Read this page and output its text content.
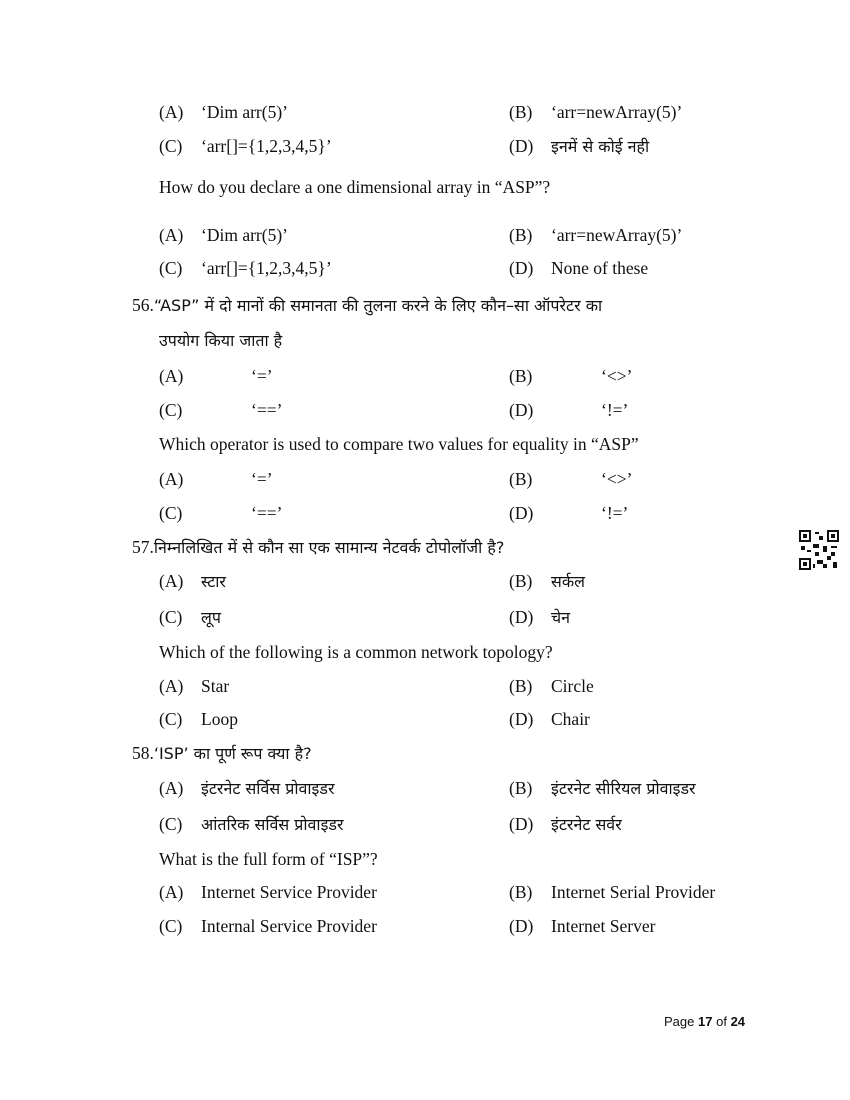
(A) ‘Dim arr(5)’	(B) ‘arr=newArray(5)’
(C) ‘arr[]={1,2,3,4,5}’	(D) इनमें से कोई नही
How do you declare a one dimensional array in “ASP”?
(A) ‘Dim arr(5)’	(B) ‘arr=newArray(5)’
(C) ‘arr[]={1,2,3,4,5}’	(D) None of these
56.“ASP” में दो मानों की समानता की तुलना करने के लिए कौन–सा ऑपरेटर का
उपयोग किया जाता है
(A)	‘=’	(B)	‘<>’
(C)	‘==’	(D)	‘!=’
Which operator is used to compare two values for equality in “ASP”
(A)	‘=’	(B)	‘<>’
(C)	‘==’	(D)	‘!=’
57.निम्नलिखित में से कौन सा एक सामान्य नेटवर्क टोपोलॉजी है?
(A) स्टार	(B) सर्कल
(C) लूप	(D) चेन
Which of the following is a common network topology?
(A) Star	(B) Circle
(C) Loop	(D) Chair
58.‘ISP’ का पूर्ण रूप क्या है?
(A) इंटरनेट सर्विस प्रोवाइडर	(B) इंटरनेट सीरियल प्रोवाइडर
(C) आंतरिक सर्विस प्रोवाइडर	(D) इंटरनेट सर्वर
What is the full form of “ISP”?
(A) Internet Service Provider	(B) Internet Serial Provider
(C) Internal Service Provider	(D) Internet Server
Page 17 of 24
